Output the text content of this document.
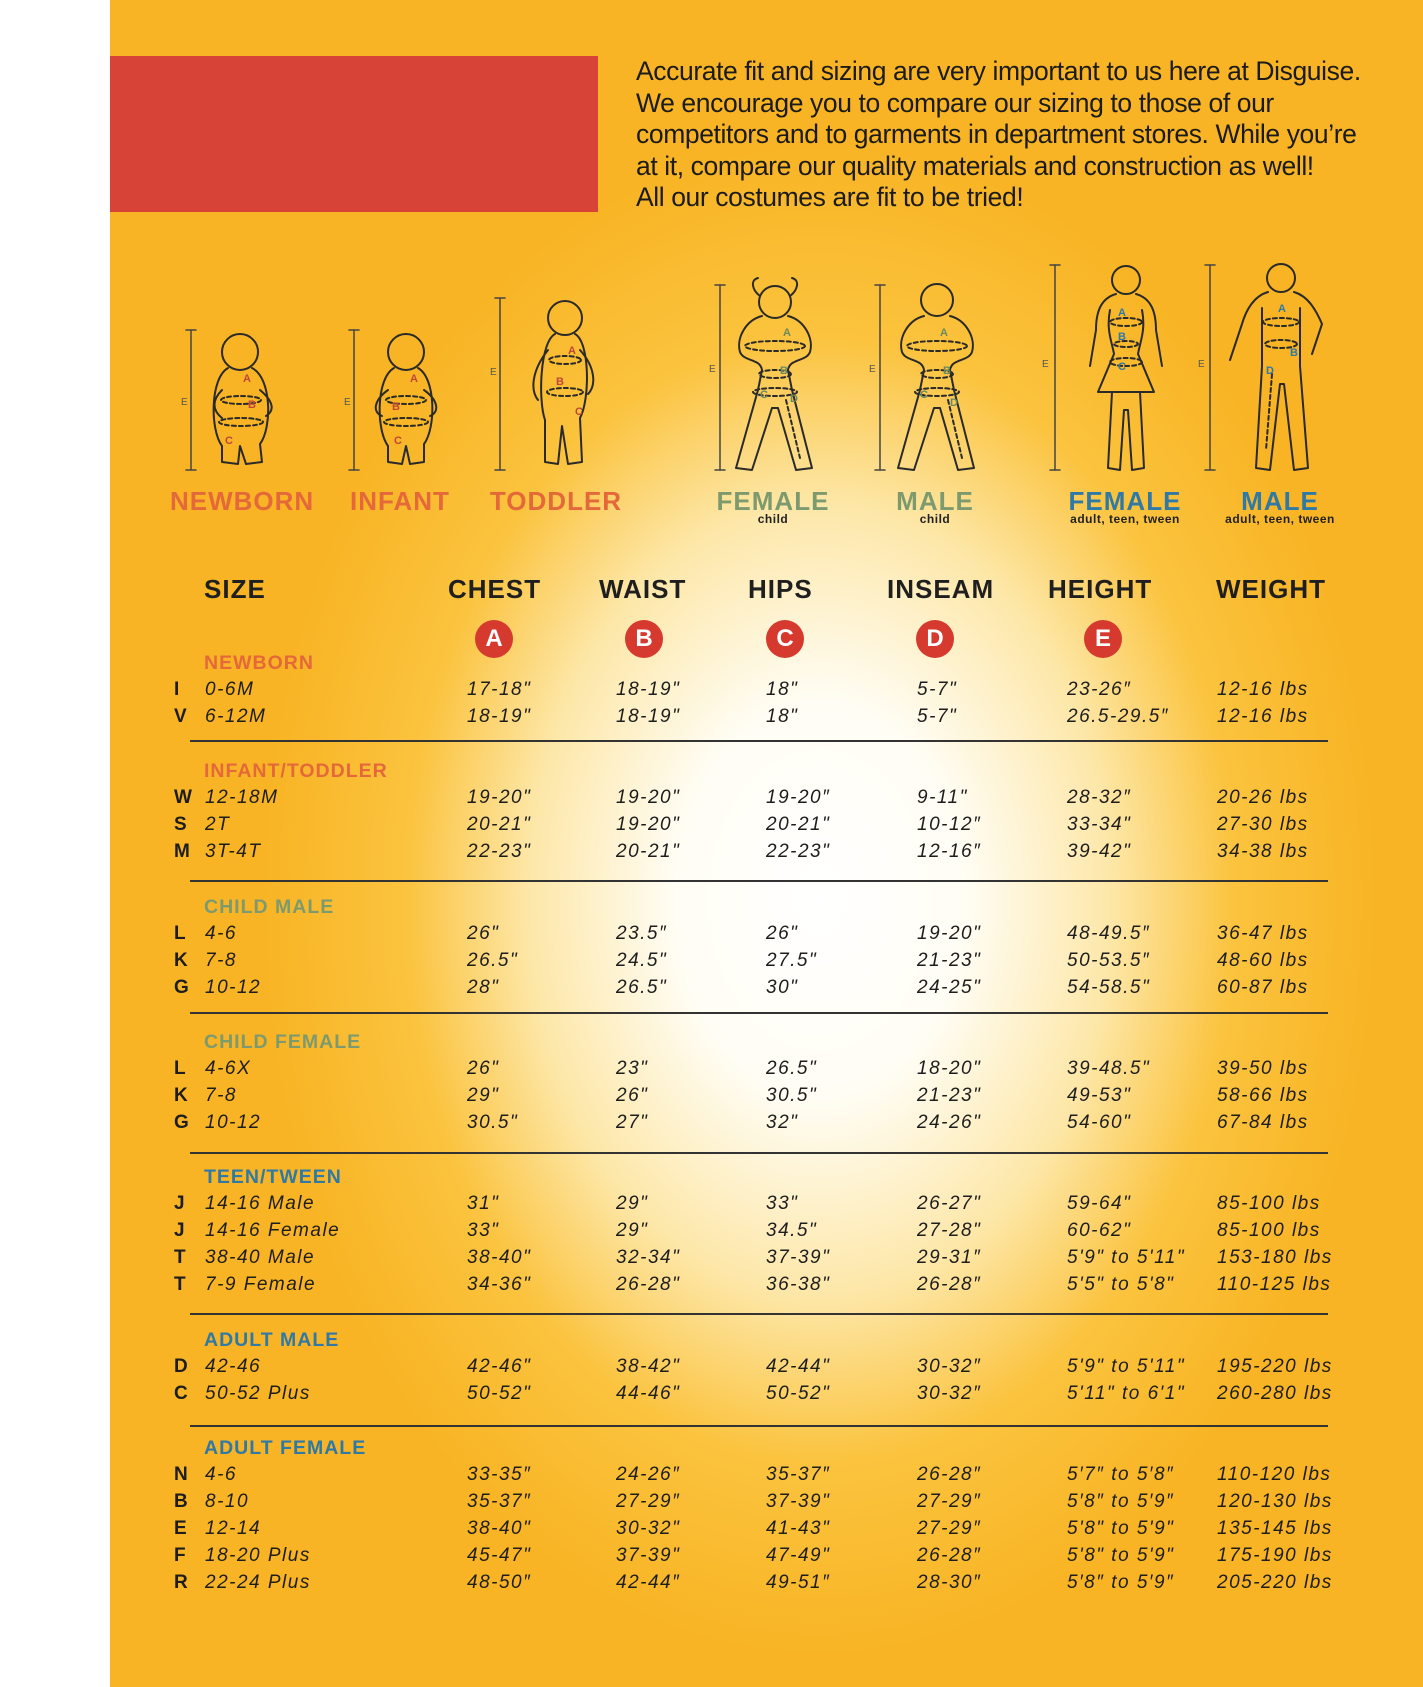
Accurate fit and sizing are very important to us here at Disguise.
We encourage you to compare our sizing to those of our
competitors and to garments in department stores. While you’re
at it, compare our quality materials and construction as well!
All our costumes are fit to be tried!
A
B
C
A
B
C
A
B
C
A
B
C D
A
B
C
D
A
B
C
A
B
D
E	E
E	E	E	E	E
NEWBORN	INFANT	TODDLER	FEMALE
child
MALE
child
FEMALE
adult, teen, tween
MALE
adult, teen, tween
SIZE	CHEST WAIST HIPS	INSEAM HEIGHT WEIGHT
A	B	C	D	E
NEWBORN
I 0-6M	17-18"	18-19"	18"	5-7"	23-26″	12-16 lbs
V 6-12M	18-19"	18-19"	18"	5-7"	26.5-29.5″	12-16 lbs
INFANT/TODDLER
W 12-18M	19-20"	19-20"	19-20″	9-11"	28-32″	20-26 lbs
S 2T	20-21"	19-20"	20-21"	10-12″	33-34"	27-30 lbs
M 3T-4T	22-23"	20-21"	22-23"	12-16″	39-42"	34-38 lbs
CHILD MALE
L 4-6	26"	23.5″	26"	19-20"	48-49.5″	36-47 lbs
K 7-8	26.5"	24.5"	27.5"	21-23"	50-53.5″	48-60 lbs
G 10-12	28"	26.5"	30"	24-25"	54-58.5"	60-87 lbs
CHILD FEMALE
L 4-6X	26"	23"	26.5"	18-20"	39-48.5"	39-50 lbs
K 7-8	29"	26"	30.5"	21-23"	49-53"	58-66 lbs
G 10-12	30.5"	27"	32"	24-26"	54-60"	67-84 lbs
TEEN/TWEEN
J 14-16 Male	31"	29"	33"	26-27"	59-64"	85-100 lbs
J 14-16 Female	33"	29"	34.5"	27-28"	60-62"	85-100 lbs
T 38-40 Male	38-40"	32-34"	37-39"	29-31″	5'9" to 5'11" 153-180 lbs
T 7-9 Female	34-36"	26-28"	36-38"	26-28″	5'5" to 5'8" 110-125 lbs
ADULT MALE
D 42-46	42-46"	38-42"	42-44"	30-32″	5'9" to 5'11" 195-220 lbs
C 50-52 Plus	50-52"	44-46"	50-52"	30-32″	5'11" to 6'1" 260-280 lbs
ADULT FEMALE
N 4-6	33-35″	24-26″	35-37″	26-28″	5′7″ to 5′8″ 110-120 lbs
B 8-10	35-37″	27-29″	37-39"	27-29″	5′8″ to 5′9″ 120-130 lbs
E 12-14	38-40"	30-32"	41-43"	27-29″	5'8" to 5'9" 135-145 lbs
F 18-20 Plus	45-47"	37-39"	47-49"	26-28″	5'8" to 5'9" 175-190 lbs
R 22-24 Plus	48-50″	42-44″	49-51″	28-30″	5′8″ to 5′9″ 205-220 lbs
